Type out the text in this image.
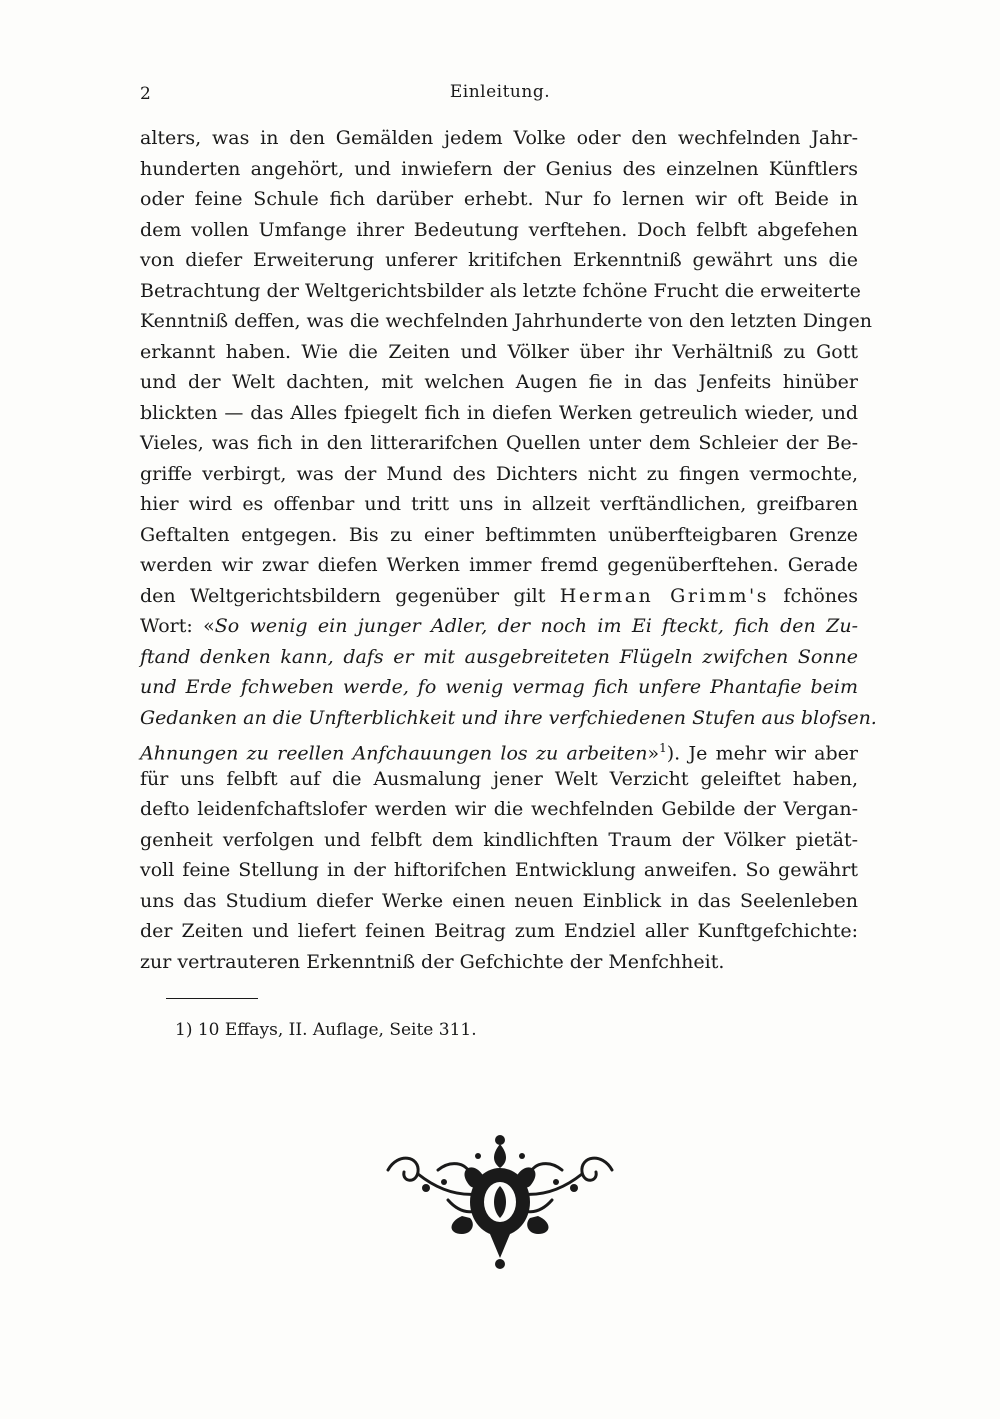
2	Einleitung.
alters, was in den Gemälden jedem Volke oder den wechfelnden Jahr-
hunderten angehört, und inwiefern der Genius des einzelnen Künftlers
oder feine Schule fich darüber erhebt. Nur fo lernen wir oft Beide in
dem vollen Umfange ihrer Bedeutung verftehen. Doch felbft abgefehen
von diefer Erweiterung unferer kritifchen Erkenntniß gewährt uns die
Betrachtung der Weltgerichtsbilder als letzte fchöne Frucht die erweiterte
Kenntniß deffen, was die wechfelnden Jahrhunderte von den letzten Dingen
erkannt haben. Wie die Zeiten und Völker über ihr Verhältniß zu Gott
und der Welt dachten, mit welchen Augen fie in das Jenfeits hinüber
blickten — das Alles fpiegelt fich in diefen Werken getreulich wieder, und
Vieles, was fich in den litterarifchen Quellen unter dem Schleier der Be-
griffe verbirgt, was der Mund des Dichters nicht zu fingen vermochte,
hier wird es offenbar und tritt uns in allzeit verftändlichen, greifbaren
Geftalten entgegen. Bis zu einer beftimmten unüberfteigbaren Grenze
werden wir zwar diefen Werken immer fremd gegenüberftehen. Gerade
den Weltgerichtsbildern gegenüber gilt Herman Grimm's fchönes
Wort: «So wenig ein junger Adler, der noch im Ei fteckt, fich den Zu-
ftand denken kann, dafs er mit ausgebreiteten Flügeln zwifchen Sonne
und Erde fchweben werde, fo wenig vermag fich unfere Phantafie beim
Gedanken an die Unfterblichkeit und ihre verfchiedenen Stufen aus blofsen.
Ahnungen zu reellen Anfchauungen los zu arbeiten»$^1$). Je mehr wir aber
für uns felbft auf die Ausmalung jener Welt Verzicht geleiftet haben,
defto leidenfchaftslofer werden wir die wechfelnden Gebilde der Vergan-
genheit verfolgen und felbft dem kindlichften Traum der Völker pietät-
voll feine Stellung in der hiftorifchen Entwicklung anweifen. So gewährt
uns das Studium diefer Werke einen neuen Einblick in das Seelenleben
der Zeiten und liefert feinen Beitrag zum Endziel aller Kunftgefchichte:
zur vertrauteren Erkenntniß der Gefchichte der Menfchheit.
1) 10 Effays, II. Auflage, Seite 311.
